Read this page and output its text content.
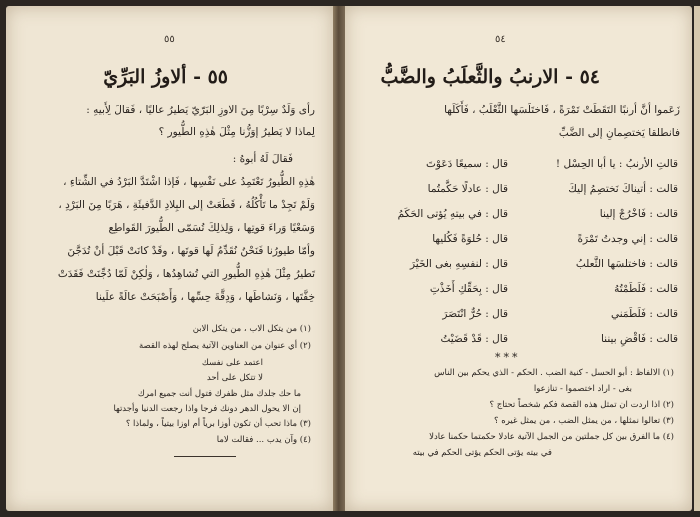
٥٥
٥٥ - ألاوزُ البَرِّيّ
رأى وَلَدٌ سِرْبًا مِنَ الاوزِ البَرّيّ يَطيرُ عاليًا ، فَقالَ لِأَبيهِ :
لِماذا لا يَطيرُ إوَزُّنا مِثْلَ هٰذِهِ الطُّيور ؟
فَقالَ لَهُ أبوهُ :
هٰذِهِ الطُّيورُ تَعْتَمِدُ على نَفْسِها ، فَإذا اشْتَدَّ البَرْدُ في الشِّتاءِ ،
وَلَمْ تَجِدْ ما تَأْكُلُهُ ، قَطَعَتْ إلى البِلادِ الدَّفيئَةِ ، هَرَبًا مِنَ البَرْدِ ،
وَسَعْيًا وَراءَ قوتِها ، وَلِذلِكَ تُسَمّى الطُّيورَ القَواطِع
وأمّا طيورُنا فَنَحْنُ نُقَدِّمُ لَها قوتَها ، وقَدْ كانَتْ قَبْلَ أنْ تُدَجَّنَ
تَطيرُ مِثْلَ هٰذِهِ الطُّيورِ التي تُشاهِدُها ، وَلٰكِنْ لَمّا دُجِّنَتْ فَقَدَتْ
خِفَّتَها ، وَنَشاطَها ، وَدِقَّةَ حِسِّها ، وَأَصْبَحَتْ عالَةً علَينا
(١) من يتكل الاب ، من يتكل الابن
(٢) أي عنوان من العناوين الآتية يصلح لهذه القصة
اعتمد على نفسك
لا تتكل على أحد
ما حك جلدك مثل ظفرك فتول أنت جميع امرك
إن الا يحول الدهر دونك فرجا واذا رجعت الدنيا وأجدتها
(٣) ماذا تحب أن تكون أوزا برياً أم اوزا بيتياً ، ولماذا ؟
(٤) وآن يدب ... فقالت لاما
٥٤
٥٤ - الارنبُ والثَّعلَبُ والضَّبُّ
زَعَموا أنَّ أرنبًا التَقَطَتْ تَمْرَةً ، فَاختَلَسَها الثَّعْلَبُ ، فَأَكَلَها
فانطلقا يَختصِمانِ إلى الضَّبِّ
قالتِ الأرنبُ : يا أبا الحِسْل !
قال : سميعًا دَعَوْتَ
قالت : أتيناكَ نَختصِمُ إليكَ
قال : عادلًا حَكَّمتُما
قالت : فَاخْرُجْ إلينا
قال : في بيتهِ يُؤتى الحَكَمُ
قالت : إني وجدتُ تَمْرَةً
قال : حُلوَةً فَكُليها
قالت : فاختلسَها الثَّعلبُ
قال : لنفسِهِ بغى الخَيْرَ
قالت : فَلَطَمْتُهُ
قال : بِحَقِّكِ أَخَذْتِ
قالت : فَلَطَمَني
قال : حُرٌّ انْتَصَرَ
قالت : فَاقْضِ بيننا
قال : قَدْ قَضَيْتُ
***
(١) الالفاظ : أبو الحسل - كنية الضب . الحكم - الذي يحكم بين الناس
بغى - اراد اختصموا - تنازعوا
(٢) اذا اردت ان تمثل هذه القصة فكم شخصاً تحتاج ؟
(٣) تعالوا نمثلها ، من يمثل الضب ، من يمثل غيره ؟
(٤) ما الفرق بين كل جملتين من الجمل الآتية عادلا حكمتما حكمنا عادلا
في بيته يؤتى الحكم يؤتى الحكم في بيته
